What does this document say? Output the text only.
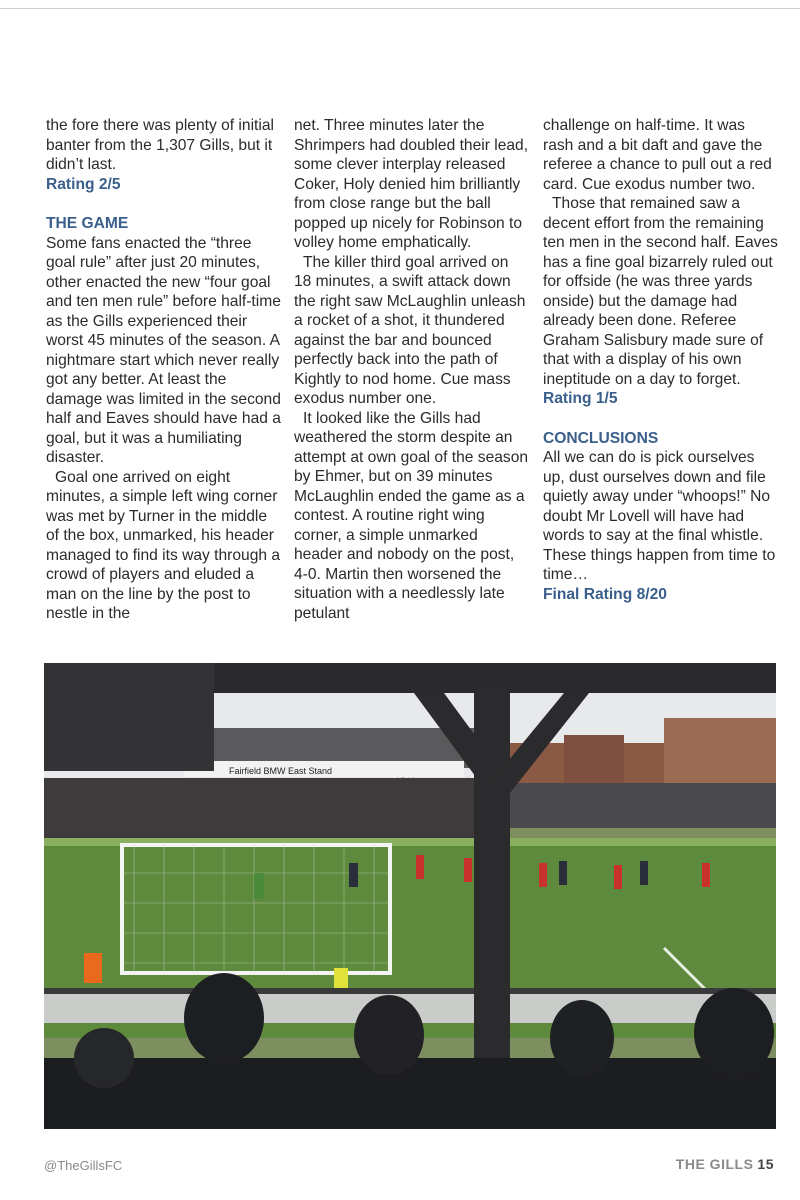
the fore there was plenty of initial banter from the 1,307 Gills, but it didn’t last.

Rating 2/5

THE GAME

Some fans enacted the “three goal rule” after just 20 minutes, other enacted the new “four goal and ten men rule” before half-time as the Gills experienced their worst 45 minutes of the season. A nightmare start which never really got any better. At least the damage was limited in the second half and Eaves should have had a goal, but it was a humiliating disaster.

Goal one arrived on eight minutes, a simple left wing corner was met by Turner in the middle of the box, unmarked, his header managed to find its way through a crowd of players and eluded a man on the line by the post to nestle in the

net. Three minutes later the Shrimpers had doubled their lead, some clever interplay released Coker, Holy denied him brilliantly from close range but the ball popped up nicely for Robinson to volley home emphatically.

The killer third goal arrived on 18 minutes, a swift attack down the right saw McLaughlin unleash a rocket of a shot, it thundered against the bar and bounced perfectly back into the path of Kightly to nod home. Cue mass exodus number one.

It looked like the Gills had weathered the storm despite an attempt at own goal of the season by Ehmer, but on 39 minutes McLaughlin ended the game as a contest. A routine right wing corner, a simple unmarked header and nobody on the post, 4-0. Martin then worsened the situation with a needlessly late petulant

challenge on half-time. It was rash and a bit daft and gave the referee a chance to pull out a red card. Cue exodus number two.

Those that remained saw a decent effort from the remaining ten men in the second half. Eaves has a fine goal bizarrely ruled out for offside (he was three yards onside) but the damage had already been done. Referee Graham Salisbury made sure of that with a display of his own ineptitude on a day to forget.

Rating 1/5

CONCLUSIONS

All we can do is pick ourselves up, dust ourselves down and file quietly away under “whoops!” No doubt Mr Lovell will have had words to say at the final whistle. These things happen from time to time…

Final Rating 8/20

Fairfield BMW East Stand
@TheGillsFC	THE GILLS 15
